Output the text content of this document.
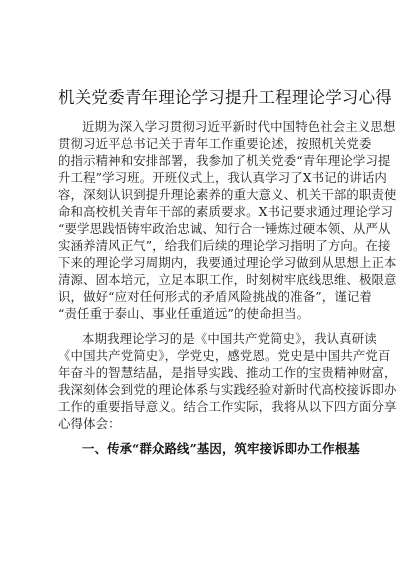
机关党委青年理论学习提升工程理论学习心得
近期为深入学习贯彻习近平新时代中国特色社会主义思想
贯彻习近平总书记关于青年工作重要论述，按照机关党委
的指示精神和安排部署，我参加了机关党委“青年理论学习提
升工程”学习班。开班仪式上，我认真学习了X书记的讲话内
容，深刻认识到提升理论素养的重大意义、机关干部的职责使
命和高校机关青年干部的素质要求。X书记要求通过理论学习
“要学思践悟铸牢政治忠诚、知行合一锤炼过硬本领、从严从
实涵养清风正气”，给我们后续的理论学习指明了方向。在接
下来的理论学习周期内，我要通过理论学习做到从思想上正本
清源、固本培元，立足本职工作，时刻树牢底线思维、极限意
识，做好“应对任何形式的矛盾风险挑战的准备”，谨记着
“责任重于泰山、事业任重道远”的使命担当。
本期我理论学习的是《中国共产党简史》，我认真研读
《中国共产党简史》，学党史，感党恩。党史是中国共产党百
年奋斗的智慧结晶，是指导实践、推动工作的宝贵精神财富，
我深刻体会到党的理论体系与实践经验对新时代高校接诉即办
工作的重要指导意义。结合工作实际，我将从以下四方面分享
心得体会：
一、传承“群众路线”基因，筑牢接诉即办工作根基
